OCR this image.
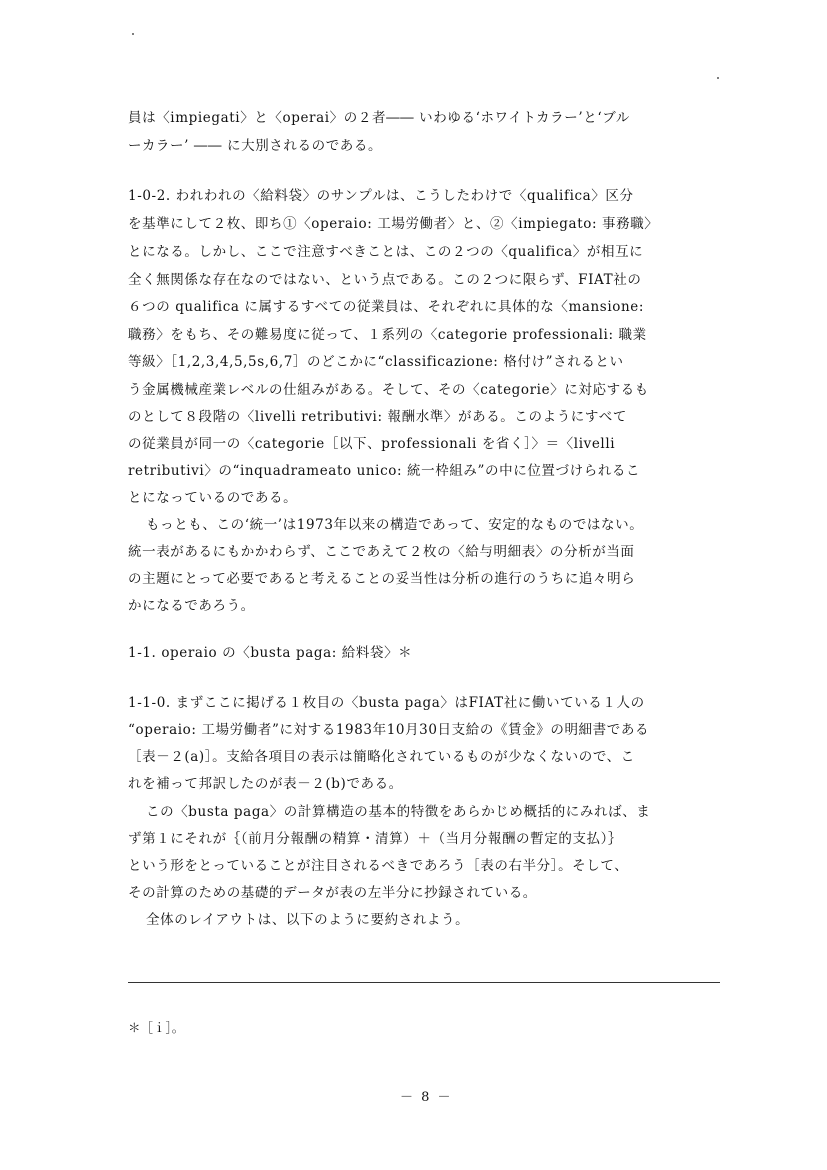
員は〈impiegati〉と〈operai〉の２者―― いわゆる‘ホワイトカラー’と‘ブル
ーカラー’ ―― に大別されるのである。
1-0-2. われわれの〈給料袋〉のサンプルは、こうしたわけで〈qualifica〉区分
を基準にして２枚、即ち①〈operaio: 工場労働者〉と、②〈impiegato: 事務職〉
とになる。しかし、ここで注意すべきことは、この２つの〈qualifica〉が相互に
全く無関係な存在なのではない、という点である。この２つに限らず、FIAT社の
６つの qualifica に属するすべての従業員は、それぞれに具体的な〈mansione:
職務〉をもち、その難易度に従って、１系列の〈categorie professionali: 職業
等級〉［1,2,3,4,5,5s,6,7］のどこかに“classificazione: 格付け”されるとい
う金属機械産業レベルの仕組みがある。そして、その〈categorie〉に対応するも
のとして８段階の〈livelli retributivi: 報酬水準〉がある。このようにすべて
の従業員が同一の〈categorie［以下、professionali を省く］〉＝〈livelli
retributivi〉の“inquadrameato unico: 統一枠組み”の中に位置づけられるこ
とになっているのである。
もっとも、この‘統一’は1973年以来の構造であって、安定的なものではない。
統一表があるにもかかわらず、ここであえて２枚の〈給与明細表〉の分析が当面
の主題にとって必要であると考えることの妥当性は分析の進行のうちに追々明ら
かになるであろう。
1-1. operaio の〈busta paga: 給料袋〉＊
1-1-0. まずここに掲げる１枚目の〈busta paga〉はFIAT社に働いている１人の
“operaio: 工場労働者”に対する1983年10月30日支給の《賃金》の明細書である
［表－２(a)］。支給各項目の表示は簡略化されているものが少なくないので、こ
れを補って邦訳したのが表－２(b)である。
この〈busta paga〉の計算構造の基本的特徴をあらかじめ概括的にみれば、ま
ず第１にそれが｛（前月分報酬の精算・清算）＋（当月分報酬の暫定的支払）｝
という形をとっていることが注目されるべきであろう［表の右半分］。そして、
その計算のための基礎的データが表の左半分に抄録されている。
全体のレイアウトは、以下のように要約されよう。
＊［ｉ］。
－ 8 －
